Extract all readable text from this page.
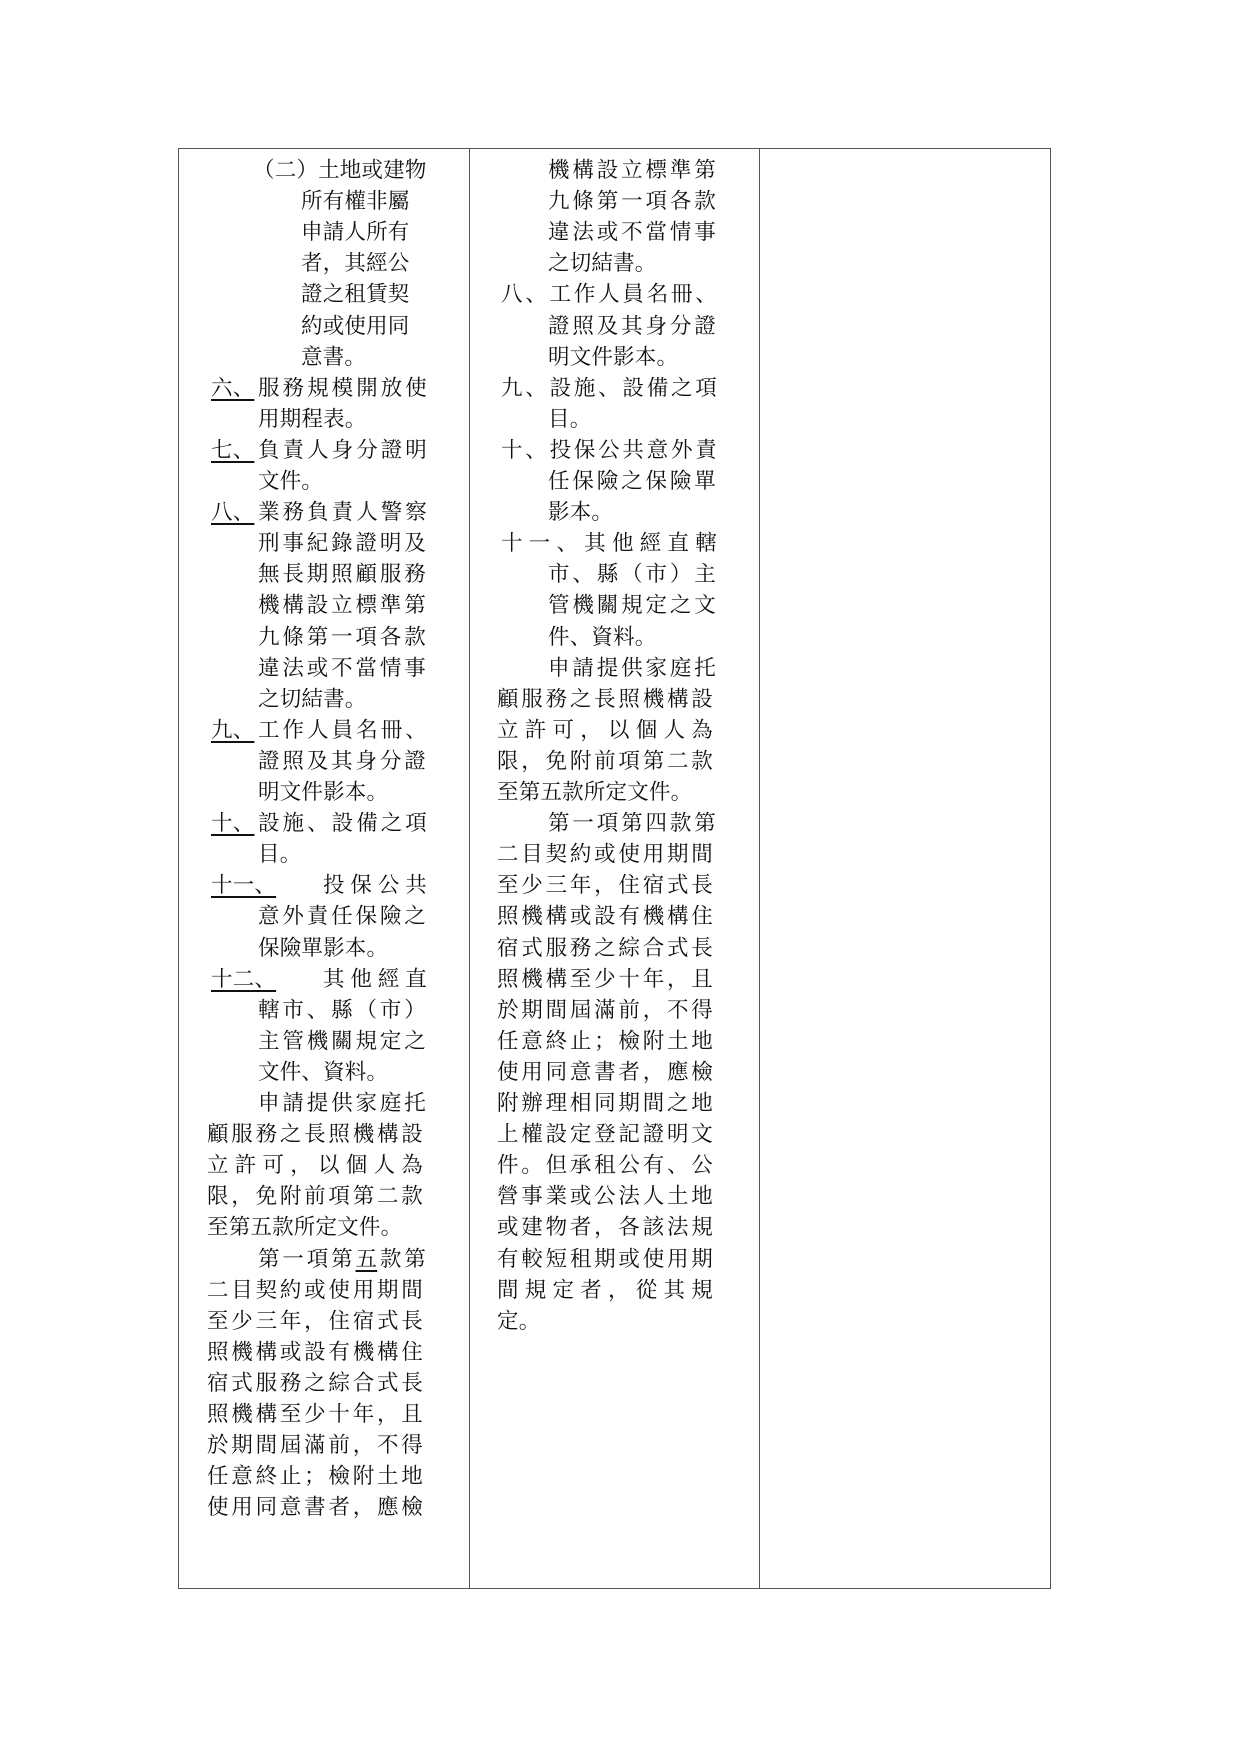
（二）土地或建物
所有權非屬
申請人所有
者，其經公
證之租賃契
約或使用同
意書。
六、 服 務 規 模 開 放 使
用期程表。
七、 負 責 人 身 分 證 明
文件。
八、 業 務 負 責 人 警 察
刑 事 紀 錄 證 明 及
無 長 期 照 顧 服 務
機 構 設 立 標 準 第
九 條 第 一 項 各 款
違 法 或 不 當 情 事
之切結書。
九、 工 作 人 員 名 冊 、
證 照 及 其 身 分 證
明文件影本。
十、 設 施 、 設 備 之 項
目。
十一、 投 保 公 共
意 外 責 任 保 險 之
保險單影本。
十二、 其 他 經 直
轄 市 、 縣 （ 市 ）
主 管 機 關 規 定 之
文件、資料。
申 請 提 供 家 庭 托
顧 服 務 之 長 照 機 構 設
立 許 可 ， 以 個 人 為
限 ， 免 附 前 項 第 二 款
至第五款所定文件。
第 一 項 第 五 款 第
二 目 契 約 或 使 用 期 間
至 少 三 年 ， 住 宿 式 長
照 機 構 或 設 有 機 構 住
宿 式 服 務 之 綜 合 式 長
照 機 構 至 少 十 年 ， 且
於 期 間 屆 滿 前 ， 不 得
任 意 終 止 ； 檢 附 土 地
使 用 同 意 書 者 ， 應 檢
機 構 設 立 標 準 第
九 條 第 一 項 各 款
違 法 或 不 當 情 事
之切結書。
八 、 工 作 人 員 名 冊 、
證 照 及 其 身 分 證
明文件影本。
九 、 設 施 、 設 備 之 項
目。
十 、 投 保 公 共 意 外 責
任 保 險 之 保 險 單
影本。
十 一 、 其 他 經 直 轄
市 、 縣 （ 市 ） 主
管 機 關 規 定 之 文
件、資料。
申 請 提 供 家 庭 托
顧 服 務 之 長 照 機 構 設
立 許 可 ， 以 個 人 為
限 ， 免 附 前 項 第 二 款
至第五款所定文件。
第 一 項 第 四 款 第
二 目 契 約 或 使 用 期 間
至 少 三 年 ， 住 宿 式 長
照 機 構 或 設 有 機 構 住
宿 式 服 務 之 綜 合 式 長
照 機 構 至 少 十 年 ， 且
於 期 間 屆 滿 前 ， 不 得
任 意 終 止 ； 檢 附 土 地
使 用 同 意 書 者 ， 應 檢
附 辦 理 相 同 期 間 之 地
上 權 設 定 登 記 證 明 文
件 。 但 承 租 公 有 、 公
營 事 業 或 公 法 人 土 地
或 建 物 者 ， 各 該 法 規
有 較 短 租 期 或 使 用 期
間 規 定 者 ， 從 其 規
定。
